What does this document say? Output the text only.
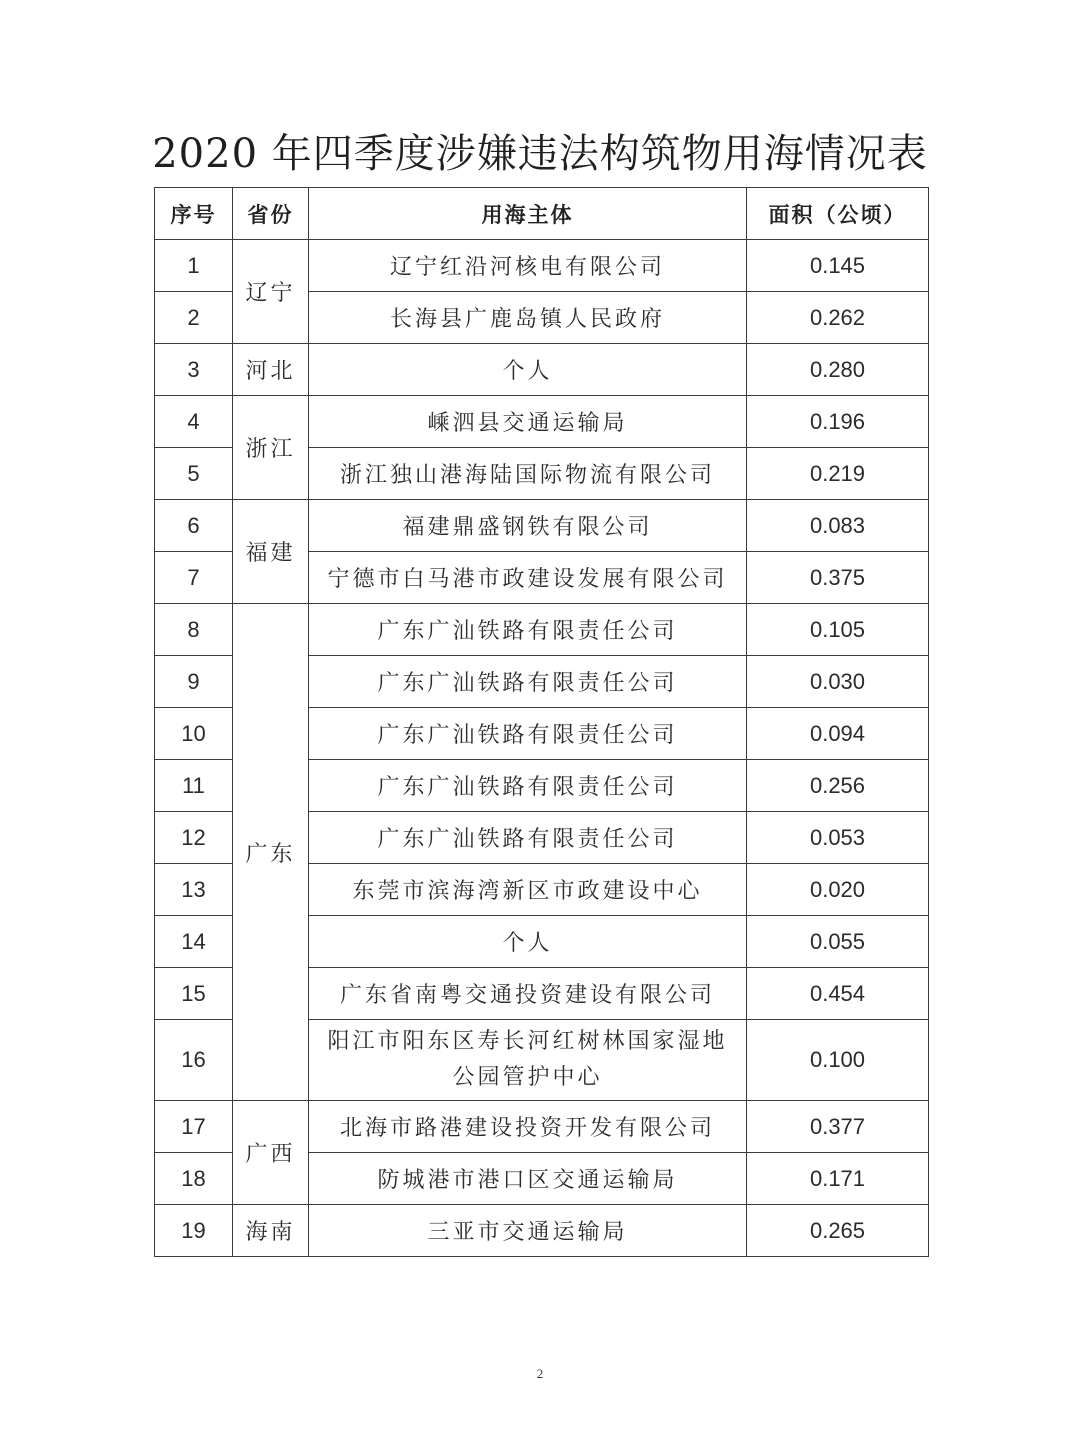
2020 年四季度涉嫌违法构筑物用海情况表
序号	省份	用海主体	面积（公顷）
1	辽宁	辽宁红沿河核电有限公司	0.145
2		长海县广鹿岛镇人民政府	0.262
3	河北	个人	0.280
4	浙江	嵊泗县交通运输局	0.196
5		浙江独山港海陆国际物流有限公司	0.219
6	福建	福建鼎盛钢铁有限公司	0.083
7		宁德市白马港市政建设发展有限公司	0.375
8	广东	广东广汕铁路有限责任公司	0.105
9		广东广汕铁路有限责任公司	0.030
10		广东广汕铁路有限责任公司	0.094
11		广东广汕铁路有限责任公司	0.256
12		广东广汕铁路有限责任公司	0.053
13		东莞市滨海湾新区市政建设中心	0.020
14		个人	0.055
15		广东省南粤交通投资建设有限公司	0.454
16		阳江市阳东区寿长河红树林国家湿地公园管护中心	0.100
17	广西	北海市路港建设投资开发有限公司	0.377
18		防城港市港口区交通运输局	0.171
19	海南	三亚市交通运输局	0.265
2
